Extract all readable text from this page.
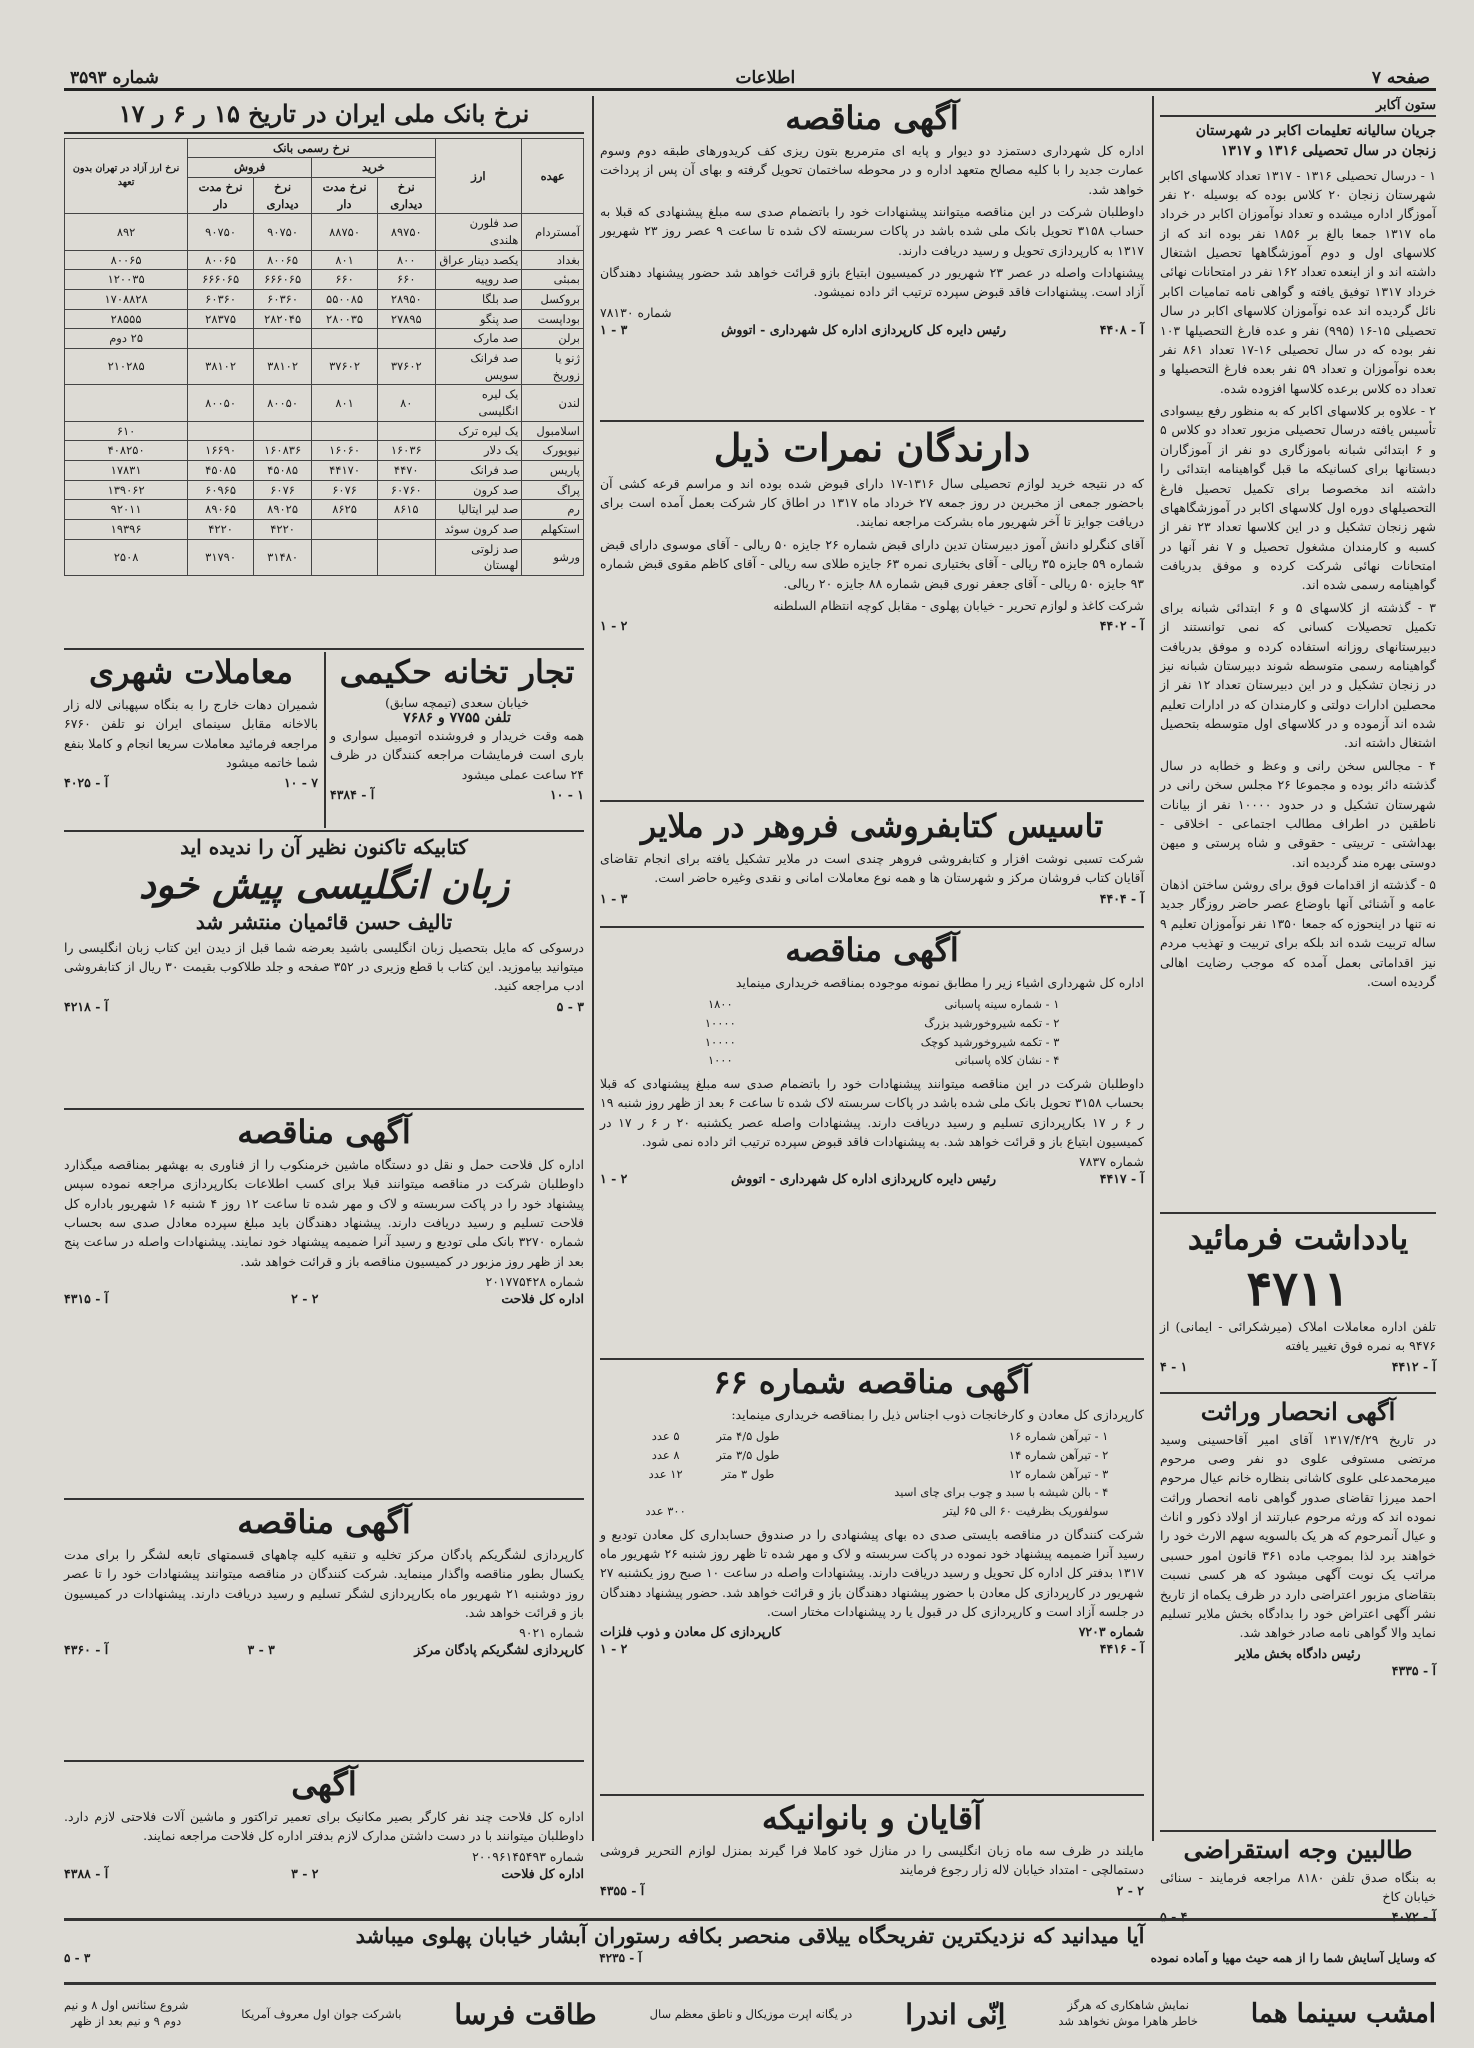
صفحه ۷
اطلاعات
شماره ۳۵۹۳
ستون آکابر
جریان سالیانه تعلیمات اکابر در شهرستان زنجان در سال تحصیلی ۱۳۱۶ و ۱۳۱۷

۱ - درسال تحصیلی ۱۳۱۶ - ۱۳۱۷ تعداد کلاسهای اکابر شهرستان زنجان ۲۰ کلاس بوده که بوسیله ۲۰ نفر آموزگار اداره میشده و تعداد نوآموزان اکابر در خرداد ماه ۱۳۱۷ جمعا بالغ بر ۱۸۵۶ نفر بوده اند که از کلاسهای اول و دوم آموزشگاهها تحصیل اشتغال داشته اند و از اینعده تعداد ۱۶۲ نفر در امتحانات نهائی خرداد ۱۳۱۷ توفیق یافته و گواهی نامه تمامیات اکابر نائل گردیده اند عده نوآموزان کلاسهای اکابر در سال تحصیلی ۱۵-۱۶ (۹۹۵) نفر و عده فارغ التحصیلها ۱۰۳ نفر بوده که در سال تحصیلی ۱۶-۱۷ تعداد ۸۶۱ نفر بعده نوآموزان و تعداد ۵۹ نفر بعده فارغ التحصیلها و تعداد ده کلاس برعده کلاسها افزوده شده.

۲ - علاوه بر کلاسهای اکابر که به منظور رفع بیسوادی تأسیس یافته درسال تحصیلی مزبور تعداد دو کلاس ۵ و ۶ ابتدائی شبانه باموزگاری دو نفر از آموزگاران دبستانها برای کسانیکه ما قبل گواهینامه ابتدائی را داشته اند مخصوصا برای تکمیل تحصیل فارغ التحصیلهای دوره اول کلاسهای اکابر در آموزشگاههای شهر زنجان تشکیل و در این کلاسها تعداد ۲۳ نفر از کسبه و کارمندان مشغول تحصیل و ۷ نفر آنها در امتحانات نهائی شرکت کرده و موفق بدریافت گواهینامه رسمی شده اند.

۳ - گذشته از کلاسهای ۵ و ۶ ابتدائی شبانه برای تکمیل تحصیلات کسانی که نمی توانستند از دبیرستانهای روزانه استفاده کرده و موفق بدریافت گواهینامه رسمی متوسطه شوند دبیرستان شبانه نیز در زنجان تشکیل و در این دبیرستان تعداد ۱۲ نفر از محصلین ادارات دولتی و کارمندان که در ادارات تعلیم شده اند آزموده و در کلاسهای اول متوسطه بتحصیل اشتغال داشته اند.

۴ - مجالس سخن رانی و وعظ و خطابه در سال گذشته دائر بوده و مجموعا ۲۶ مجلس سخن رانی در شهرستان تشکیل و در حدود ۱۰۰۰۰ نفر از بیانات ناطقین در اطراف مطالب اجتماعی - اخلاقی - بهداشتی - تربیتی - حقوقی و شاه پرستی و میهن دوستی بهره مند گردیده اند.

۵ - گذشته از اقدامات فوق برای روشن ساختن اذهان عامه و آشنائی آنها باوضاع عصر حاضر روزگار جدید نه تنها در اینحوزه که جمعا ۱۳۵۰ نفر نوآموزان تعلیم ۹ ساله تربیت شده اند بلکه برای تربیت و تهذیب مردم نیز اقداماتی بعمل آمده که موجب رضایت اهالی گردیده است.

یادداشت فرمائید
۴۷۱۱

تلفن اداره معاملات املاک (میرشکرائی - ایمانی) از ۹۴۷۶ به نمره فوق تغییر یافته

آ - ۴۴۱۲
۱ - ۴
آگهی انحصار وراثت

در تاریخ ۱۳۱۷/۴/۲۹ آقای امیر آقاحسینی وسید مرتضی مستوفی علوی دو نفر وصی مرحوم میرمحمدعلی علوی کاشانی بنظاره خانم عیال مرحوم احمد میرزا تقاضای صدور گواهی نامه انحصار وراثت نموده اند که ورثه مرحوم عبارتند از اولاد ذکور و اناث و عیال آنمرحوم که هر یک بالسویه سهم الارث خود را خواهند برد لذا بموجب ماده ۳۶۱ قانون امور حسبی مراتب یک نوبت آگهی میشود که هر کسی نسبت بتقاضای مزبور اعتراضی دارد در ظرف یکماه از تاریخ نشر آگهی اعتراض خود را بدادگاه بخش ملایر تسلیم نماید والا گواهی نامه صادر خواهد شد.

رئیس دادگاه بخش ملایر
آ - ۴۳۳۵
طالبین وجه استقراضی

به بنگاه صدق تلفن ۸۱۸۰ مراجعه فرمایند - سنائی خیابان کاخ

آ - ۴۰۷۲
۴ - ۵
آگهی مناقصه

اداره کل شهرداری دستمزد دو دیوار و پایه ای مترمربع بتون ریزی کف کریدورهای طبقه دوم وسوم عمارت جدید را با کلیه مصالح متعهد اداره و در محوطه ساختمان تحویل گرفته و بهای آن پس از پرداخت خواهد شد.

داوطلبان شرکت در این مناقصه میتوانند پیشنهادات خود را باتضمام صدی سه مبلغ پیشنهادی که قبلا به حساب ۳۱۵۸ تحویل بانک ملی شده باشد در پاکات سربسته لاک شده تا ساعت ۹ عصر روز ۲۳ شهریور ۱۳۱۷ به کارپردازی تحویل و رسید دریافت دارند.

پیشنهادات واصله در عصر ۲۳ شهریور در کمیسیون ابتیاع بازو قرائت خواهد شد حضور پیشنهاد دهندگان آزاد است. پیشنهادات فاقد قبوض سپرده ترتیب اثر داده نمیشود.

شماره ۷۸۱۳۰
آ - ۴۴۰۸
رئیس دایره کل کارپردازی اداره کل شهرداری - اتووش
۳ - ۱
دارندگان نمرات ذیل

که در نتیجه خرید لوازم تحصیلی سال ۱۳۱۶-۱۷ دارای قبوض شده بوده اند و مراسم قرعه کشی آن باحضور جمعی از مخبرین در روز جمعه ۲۷ خرداد ماه ۱۳۱۷ در اطاق کار شرکت بعمل آمده است برای دریافت جوایز تا آخر شهریور ماه بشرکت مراجعه نمایند.

آقای کنگرلو دانش آموز دبیرستان تدین دارای قبض شماره ۲۶ جایزه ۵۰ ریالی - آقای موسوی دارای قبض شماره ۵۹ جایزه ۳۵ ریالی - آقای بختیاری نمره ۶۳ جایزه طلای سه ریالی - آقای کاظم مقوی قبض شماره ۹۳ جایزه ۵۰ ریالی - آقای جعفر نوری قبض شماره ۸۸ جایزه ۲۰ ریالی.

شرکت کاغذ و لوازم تحریر - خیابان پهلوی - مقابل کوچه انتظام السلطنه

آ - ۴۴۰۲
۲ - ۱
تاسیس کتابفروشی فروهر در ملایر

شرکت تسبی نوشت افزار و کتابفروشی فروهر چندی است در ملایر تشکیل یافته برای انجام تقاضای آقایان کتاب فروشان مرکز و شهرستان ها و همه نوع معاملات امانی و نقدی وغیره حاضر است.

آ - ۴۴۰۴
۳ - ۱
آگهی مناقصه

اداره کل شهرداری اشیاء زیر را مطابق نمونه موجوده بمناقصه خریداری مینماید

۱ - شماره سینه پاسبانی	۱۸۰۰
۲ - تکمه شیروخورشید بزرگ	۱۰۰۰۰
۳ - تکمه شیروخورشید کوچک	۱۰۰۰۰
۴ - نشان کلاه پاسبانی	۱۰۰۰

داوطلبان شرکت در این مناقصه میتوانند پیشنهادات خود را باتضمام صدی سه مبلغ پیشنهادی که قبلا بحساب ۳۱۵۸ تحویل بانک ملی شده باشد در پاکات سربسته لاک شده تا ساعت ۶ بعد از ظهر روز شنبه ۱۹ ر ۶ ر ۱۷ بکارپردازی تسلیم و رسید دریافت دارند. پیشنهادات واصله عصر یکشنبه ۲۰ ر ۶ ر ۱۷ در کمیسیون ابتیاع باز و قرائت خواهد شد. به پیشنهادات فاقد قبوض سپرده ترتیب اثر داده نمی شود.

شماره ۷۸۳۷
آ - ۴۴۱۷
رئیس دایره کارپردازی اداره کل شهرداری - اتووش
۲ - ۱
آگهی مناقصه شماره ۶۶

کارپردازی کل معادن و کارخانجات ذوب اجناس ذیل را بمناقصه خریداری مینماید:

۱ - تیرآهن شماره ۱۶	طول ۴/۵ متر	۵ عدد
۲ - تیرآهن شماره ۱۴	طول ۳/۵ متر	۸ عدد
۳ - تیرآهن شماره ۱۲	طول ۳ متر	۱۲ عدد
۴ - بالن شیشه با سبد و چوب برای چای اسید		
سولفوریک بظرفیت ۶۰ الی ۶۵ لیتر		۳۰۰ عدد

شرکت کنندگان در مناقصه بایستی صدی ده بهای پیشنهادی را در صندوق حسابداری کل معادن تودیع و رسید آنرا ضمیمه پیشنهاد خود نموده در پاکت سربسته و لاک و مهر شده تا ظهر روز شنبه ۲۶ شهریور ماه ۱۳۱۷ بدفتر کل اداره کل تحویل و رسید دریافت دارند. پیشنهادات واصله در ساعت ۱۰ صبح روز یکشنبه ۲۷ شهریور در کارپردازی کل معادن با حضور پیشنهاد دهندگان باز و قرائت خواهد شد. حضور پیشنهاد دهندگان در جلسه آزاد است و کارپردازی کل در قبول یا رد پیشنهادات مختار است.

شماره ۷۲۰۳
کارپردازی کل معادن و ذوب فلزات
آ - ۴۴۱۶
۲ - ۱
آقایان و بانوانیکه

مایلند در ظرف سه ماه زبان انگلیسی را در منازل خود کاملا فرا گیرند بمنزل لوازم التحریر فروشی دستمالچی - امتداد خیابان لاله زار رجوع فرمایند

۲ - ۲
آ - ۴۳۵۵
نرخ بانک ملی ایران در تاریخ ۱۵ ر ۶ ر ۱۷
عهده	ارز	نرخ رسمی بانک				نرخ ارز آزاد در تهران بدون تعهد
		خرید		فروش		
		نرخ دیداری	نرخ مدت دار	نرخ دیداری	نرخ مدت دار	
آمستردام	صد فلورن هلندی	۸۹۷۵۰	۸۸۷۵۰	۹۰۷۵۰	۹۰۷۵۰	۸۹۲
بغداد	یکصد دینار عراق	۸۰۰	۸۰۱	۸۰۰۶۵	۸۰۰۶۵	۸۰۰۶۵
بمبئی	صد روپیه	۶۶۰	۶۶۰	۶۶۶۰۶۵	۶۶۶۰۶۵	۱۲۰۰۳۵
بروکسل	صد بلگا	۲۸۹۵۰	۵۵۰۰۸۵	۶۰۳۶۰	۶۰۳۶۰	۱۷۰۸۸۲۸
بوداپست	صد پنگو	۲۷۸۹۵	۲۸۰۰۳۵	۲۸۲۰۴۵	۲۸۳۷۵	۲۸۵۵۵
برلن	صد مارک					۲۵ دوم
ژنو یا زوریخ	صد فرانک سویس	۳۷۶۰۲	۳۷۶۰۲	۳۸۱۰۲	۳۸۱۰۲	۲۱۰۲۸۵
لندن	یک لیره انگلیسی	۸۰	۸۰۱	۸۰۰۵۰	۸۰۰۵۰	
اسلامبول	یک لیره ترک					۶۱۰
نیویورک	یک دلار	۱۶۰۳۶	۱۶۰۶۰	۱۶۰۸۳۶	۱۶۶۹۰	۴۰۸۲۵۰
پاریس	صد فرانک	۴۴۷۰	۴۴۱۷۰	۴۵۰۸۵	۴۵۰۸۵	۱۷۸۳۱
پراگ	صد کرون	۶۰۷۶۰	۶۰۷۶	۶۰۷۶	۶۰۹۶۵	۱۳۹۰۶۲
رم	صد لیر ایتالیا	۸۶۱۵	۸۶۲۵	۸۹۰۲۵	۸۹۰۶۵	۹۲۰۱۱
استکهلم	صد کرون سوئد			۴۲۲۰	۴۲۲۰	۱۹۳۹۶
ورشو	صد زلوتی لهستان			۳۱۴۸۰	۳۱۷۹۰	۲۵۰۸
تجار تخانه حکیمی
خیابان سعدی (تیمچه سابق)
تلفن ۷۷۵۵ و ۷۶۸۶

همه وقت خریدار و فروشنده اتومبیل سواری و باری است فرمایشات مراجعه کنندگان در ظرف ۲۴ ساعت عملی میشود

۱ - ۱۰
آ - ۴۳۸۴
معاملات شهری

شمیران دهات خارج را به بنگاه سپهبانی لاله زار بالاخانه مقابل سینمای ایران نو تلفن ۶۷۶۰ مراجعه فرمائید معاملات سریعا انجام و کاملا بنفع شما خاتمه میشود

۷ - ۱۰
آ - ۴۰۲۵
کتابیکه تاکنون نظیر آن را ندیده اید
زبان انگلیسی پیش خود
تالیف حسن قائمیان منتشر شد

درسوکی که مایل بتحصیل زبان انگلیسی باشید بعرضه شما قبل از دیدن این کتاب زبان انگلیسی را میتوانید بیاموزید. این کتاب با قطع وزیری در ۳۵۲ صفحه و جلد طلاکوب بقیمت ۳۰ ریال از کتابفروشی ادب مراجعه کنید.

۳ - ۵
آ - ۴۲۱۸
آگهی مناقصه

اداره کل فلاحت حمل و نقل دو دستگاه ماشین خرمنکوب را از فناوری به بهشهر بمناقصه میگذارد داوطلبان شرکت در مناقصه میتوانند قبلا برای کسب اطلاعات بکارپردازی مراجعه نموده سپس پیشنهاد خود را در پاکت سربسته و لاک و مهر شده تا ساعت ۱۲ روز ۴ شنبه ۱۶ شهریور باداره کل فلاحت تسلیم و رسید دریافت دارند. پیشنهاد دهندگان باید مبلغ سپرده معادل صدی سه بحساب شماره ۳۲۷۰ بانک ملی تودیع و رسید آنرا ضمیمه پیشنهاد خود نمایند. پیشنهادات واصله در ساعت پنج بعد از ظهر روز مزبور در کمیسیون مناقصه باز و قرائت خواهد شد.

شماره ۲۰۱۷۷۵۴۲۸
اداره کل فلاحت
۲ - ۲
آ - ۴۳۱۵
آگهی مناقصه

کارپردازی لشگریکم پادگان مرکز تخلیه و تنقیه کلیه چاههای قسمتهای تابعه لشگر را برای مدت یکسال بطور مناقصه واگذار مینماید. شرکت کنندگان در مناقصه میتوانند پیشنهادات خود را تا عصر روز دوشنبه ۲۱ شهریور ماه بکارپردازی لشگر تسلیم و رسید دریافت دارند. پیشنهادات در کمیسیون باز و قرائت خواهد شد.

شماره ۹۰۲۱
کارپردازی لشگریکم پادگان مرکز
۳ - ۳
آ - ۴۳۶۰
آگهی

اداره کل فلاحت چند نفر کارگر بصیر مکانیک برای تعمیر تراکتور و ماشین آلات فلاحتی لازم دارد. داوطلبان میتوانند با در دست داشتن مدارک لازم بدفتر اداره کل فلاحت مراجعه نمایند.

شماره ۲۰۰۹۶۱۴۵۴۹۳
اداره کل فلاحت
۲ - ۳
آ - ۴۳۸۸
آیا میدانید که نزدیکترین تفریحگاه ییلاقی منحصر بکافه رستوران آبشار خیابان پهلوی میباشد
که وسایل آسایش شما را از همه حیث مهیا و آماده نموده
آ - ۴۲۳۵
۳ - ۵
امشب سینما هما
نمایش شاهکاری که هرگز
خاطر هاهرا موش نخواهد شد
اِنّی اندرا
در یگانه اپرت موزیکال و ناطق معظم سال
طاقت فرسا
باشرکت جوان اول معروف آمریکا
شروع سئانس اول ۸ و نیم
دوم ۹ و نیم بعد از ظهر
